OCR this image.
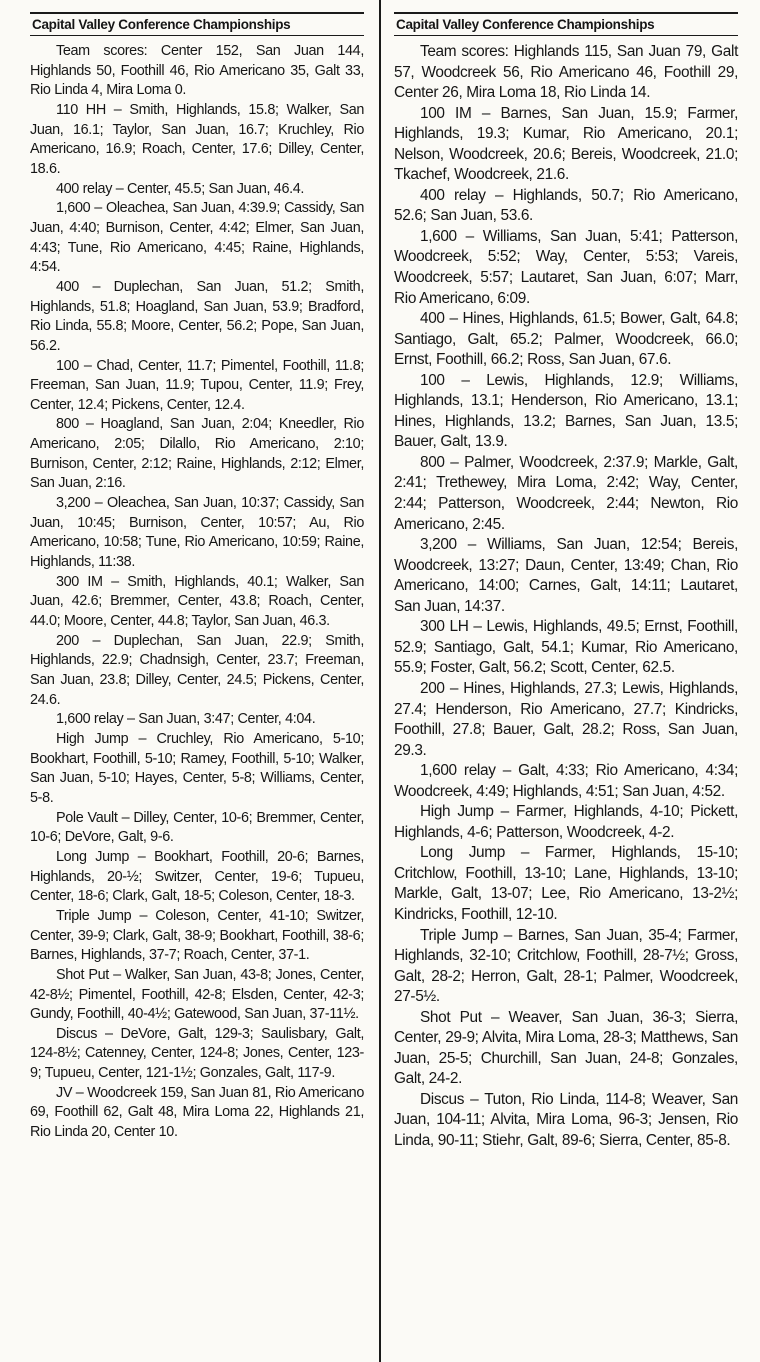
Capital Valley Conference Championships

Team scores: Center 152, San Juan 144, Highlands 50, Foothill 46, Rio Americano 35, Galt 33, Rio Linda 4, Mira Loma 0.

110 HH – Smith, Highlands, 15.8; Walker, San Juan, 16.1; Taylor, San Juan, 16.7; Kruchley, Rio Americano, 16.9; Roach, Center, 17.6; Dilley, Center, 18.6.

400 relay – Center, 45.5; San Juan, 46.4.

1,600 – Oleachea, San Juan, 4:39.9; Cassidy, San Juan, 4:40; Burnison, Center, 4:42; Elmer, San Juan, 4:43; Tune, Rio Americano, 4:45; Raine, Highlands, 4:54.

400 – Duplechan, San Juan, 51.2; Smith, Highlands, 51.8; Hoagland, San Juan, 53.9; Bradford, Rio Linda, 55.8; Moore, Center, 56.2; Pope, San Juan, 56.2.

100 – Chad, Center, 11.7; Pimentel, Foothill, 11.8; Freeman, San Juan, 11.9; Tupou, Center, 11.9; Frey, Center, 12.4; Pickens, Center, 12.4.

800 – Hoagland, San Juan, 2:04; Kneedler, Rio Americano, 2:05; Dilallo, Rio Americano, 2:10; Burnison, Center, 2:12; Raine, Highlands, 2:12; Elmer, San Juan, 2:16.

3,200 – Oleachea, San Juan, 10:37; Cassidy, San Juan, 10:45; Burnison, Center, 10:57; Au, Rio Americano, 10:58; Tune, Rio Americano, 10:59; Raine, Highlands, 11:38.

300 IM – Smith, Highlands, 40.1; Walker, San Juan, 42.6; Bremmer, Center, 43.8; Roach, Center, 44.0; Moore, Center, 44.8; Taylor, San Juan, 46.3.

200 – Duplechan, San Juan, 22.9; Smith, Highlands, 22.9; Chadnsigh, Center, 23.7; Freeman, San Juan, 23.8; Dilley, Center, 24.5; Pickens, Center, 24.6.

1,600 relay – San Juan, 3:47; Center, 4:04.

High Jump – Cruchley, Rio Americano, 5-10; Bookhart, Foothill, 5-10; Ramey, Foothill, 5-10; Walker, San Juan, 5-10; Hayes, Center, 5-8; Williams, Center, 5-8.

Pole Vault – Dilley, Center, 10-6; Bremmer, Center, 10-6; DeVore, Galt, 9-6.

Long Jump – Bookhart, Foothill, 20-6; Barnes, Highlands, 20-½; Switzer, Center, 19-6; Tupueu, Center, 18-6; Clark, Galt, 18-5; Coleson, Center, 18-3.

Triple Jump – Coleson, Center, 41-10; Switzer, Center, 39-9; Clark, Galt, 38-9; Bookhart, Foothill, 38-6; Barnes, Highlands, 37-7; Roach, Center, 37-1.

Shot Put – Walker, San Juan, 43-8; Jones, Center, 42-8½; Pimentel, Foothill, 42-8; Elsden, Center, 42-3; Gundy, Foothill, 40-4½; Gatewood, San Juan, 37-11½.

Discus – DeVore, Galt, 129-3; Saulisbary, Galt, 124-8½; Catenney, Center, 124-8; Jones, Center, 123-9; Tupueu, Center, 121-1½; Gonzales, Galt, 117-9.

JV – Woodcreek 159, San Juan 81, Rio Americano 69, Foothill 62, Galt 48, Mira Loma 22, Highlands 21, Rio Linda 20, Center 10.

Capital Valley Conference Championships

Team scores: Highlands 115, San Juan 79, Galt 57, Woodcreek 56, Rio Americano 46, Foothill 29, Center 26, Mira Loma 18, Rio Linda 14.

100 IM – Barnes, San Juan, 15.9; Farmer, Highlands, 19.3; Kumar, Rio Americano, 20.1; Nelson, Woodcreek, 20.6; Bereis, Woodcreek, 21.0; Tkachef, Woodcreek, 21.6.

400 relay – Highlands, 50.7; Rio Americano, 52.6; San Juan, 53.6.

1,600 – Williams, San Juan, 5:41; Patterson, Woodcreek, 5:52; Way, Center, 5:53; Vareis, Woodcreek, 5:57; Lautaret, San Juan, 6:07; Marr, Rio Americano, 6:09.

400 – Hines, Highlands, 61.5; Bower, Galt, 64.8; Santiago, Galt, 65.2; Palmer, Woodcreek, 66.0; Ernst, Foothill, 66.2; Ross, San Juan, 67.6.

100 – Lewis, Highlands, 12.9; Williams, Highlands, 13.1; Henderson, Rio Americano, 13.1; Hines, Highlands, 13.2; Barnes, San Juan, 13.5; Bauer, Galt, 13.9.

800 – Palmer, Woodcreek, 2:37.9; Markle, Galt, 2:41; Trethewey, Mira Loma, 2:42; Way, Center, 2:44; Patterson, Woodcreek, 2:44; Newton, Rio Americano, 2:45.

3,200 – Williams, San Juan, 12:54; Bereis, Woodcreek, 13:27; Daun, Center, 13:49; Chan, Rio Americano, 14:00; Carnes, Galt, 14:11; Lautaret, San Juan, 14:37.

300 LH – Lewis, Highlands, 49.5; Ernst, Foothill, 52.9; Santiago, Galt, 54.1; Kumar, Rio Americano, 55.9; Foster, Galt, 56.2; Scott, Center, 62.5.

200 – Hines, Highlands, 27.3; Lewis, Highlands, 27.4; Henderson, Rio Americano, 27.7; Kindricks, Foothill, 27.8; Bauer, Galt, 28.2; Ross, San Juan, 29.3.

1,600 relay – Galt, 4:33; Rio Americano, 4:34; Woodcreek, 4:49; Highlands, 4:51; San Juan, 4:52.

High Jump – Farmer, Highlands, 4-10; Pickett, Highlands, 4-6; Patterson, Woodcreek, 4-2.

Long Jump – Farmer, Highlands, 15-10; Critchlow, Foothill, 13-10; Lane, Highlands, 13-10; Markle, Galt, 13-07; Lee, Rio Americano, 13-2½; Kindricks, Foothill, 12-10.

Triple Jump – Barnes, San Juan, 35-4; Farmer, Highlands, 32-10; Critchlow, Foothill, 28-7½; Gross, Galt, 28-2; Herron, Galt, 28-1; Palmer, Woodcreek, 27-5½.

Shot Put – Weaver, San Juan, 36-3; Sierra, Center, 29-9; Alvita, Mira Loma, 28-3; Matthews, San Juan, 25-5; Churchill, San Juan, 24-8; Gonzales, Galt, 24-2.

Discus – Tuton, Rio Linda, 114-8; Weaver, San Juan, 104-11; Alvita, Mira Loma, 96-3; Jensen, Rio Linda, 90-11; Stiehr, Galt, 89-6; Sierra, Center, 85-8.
